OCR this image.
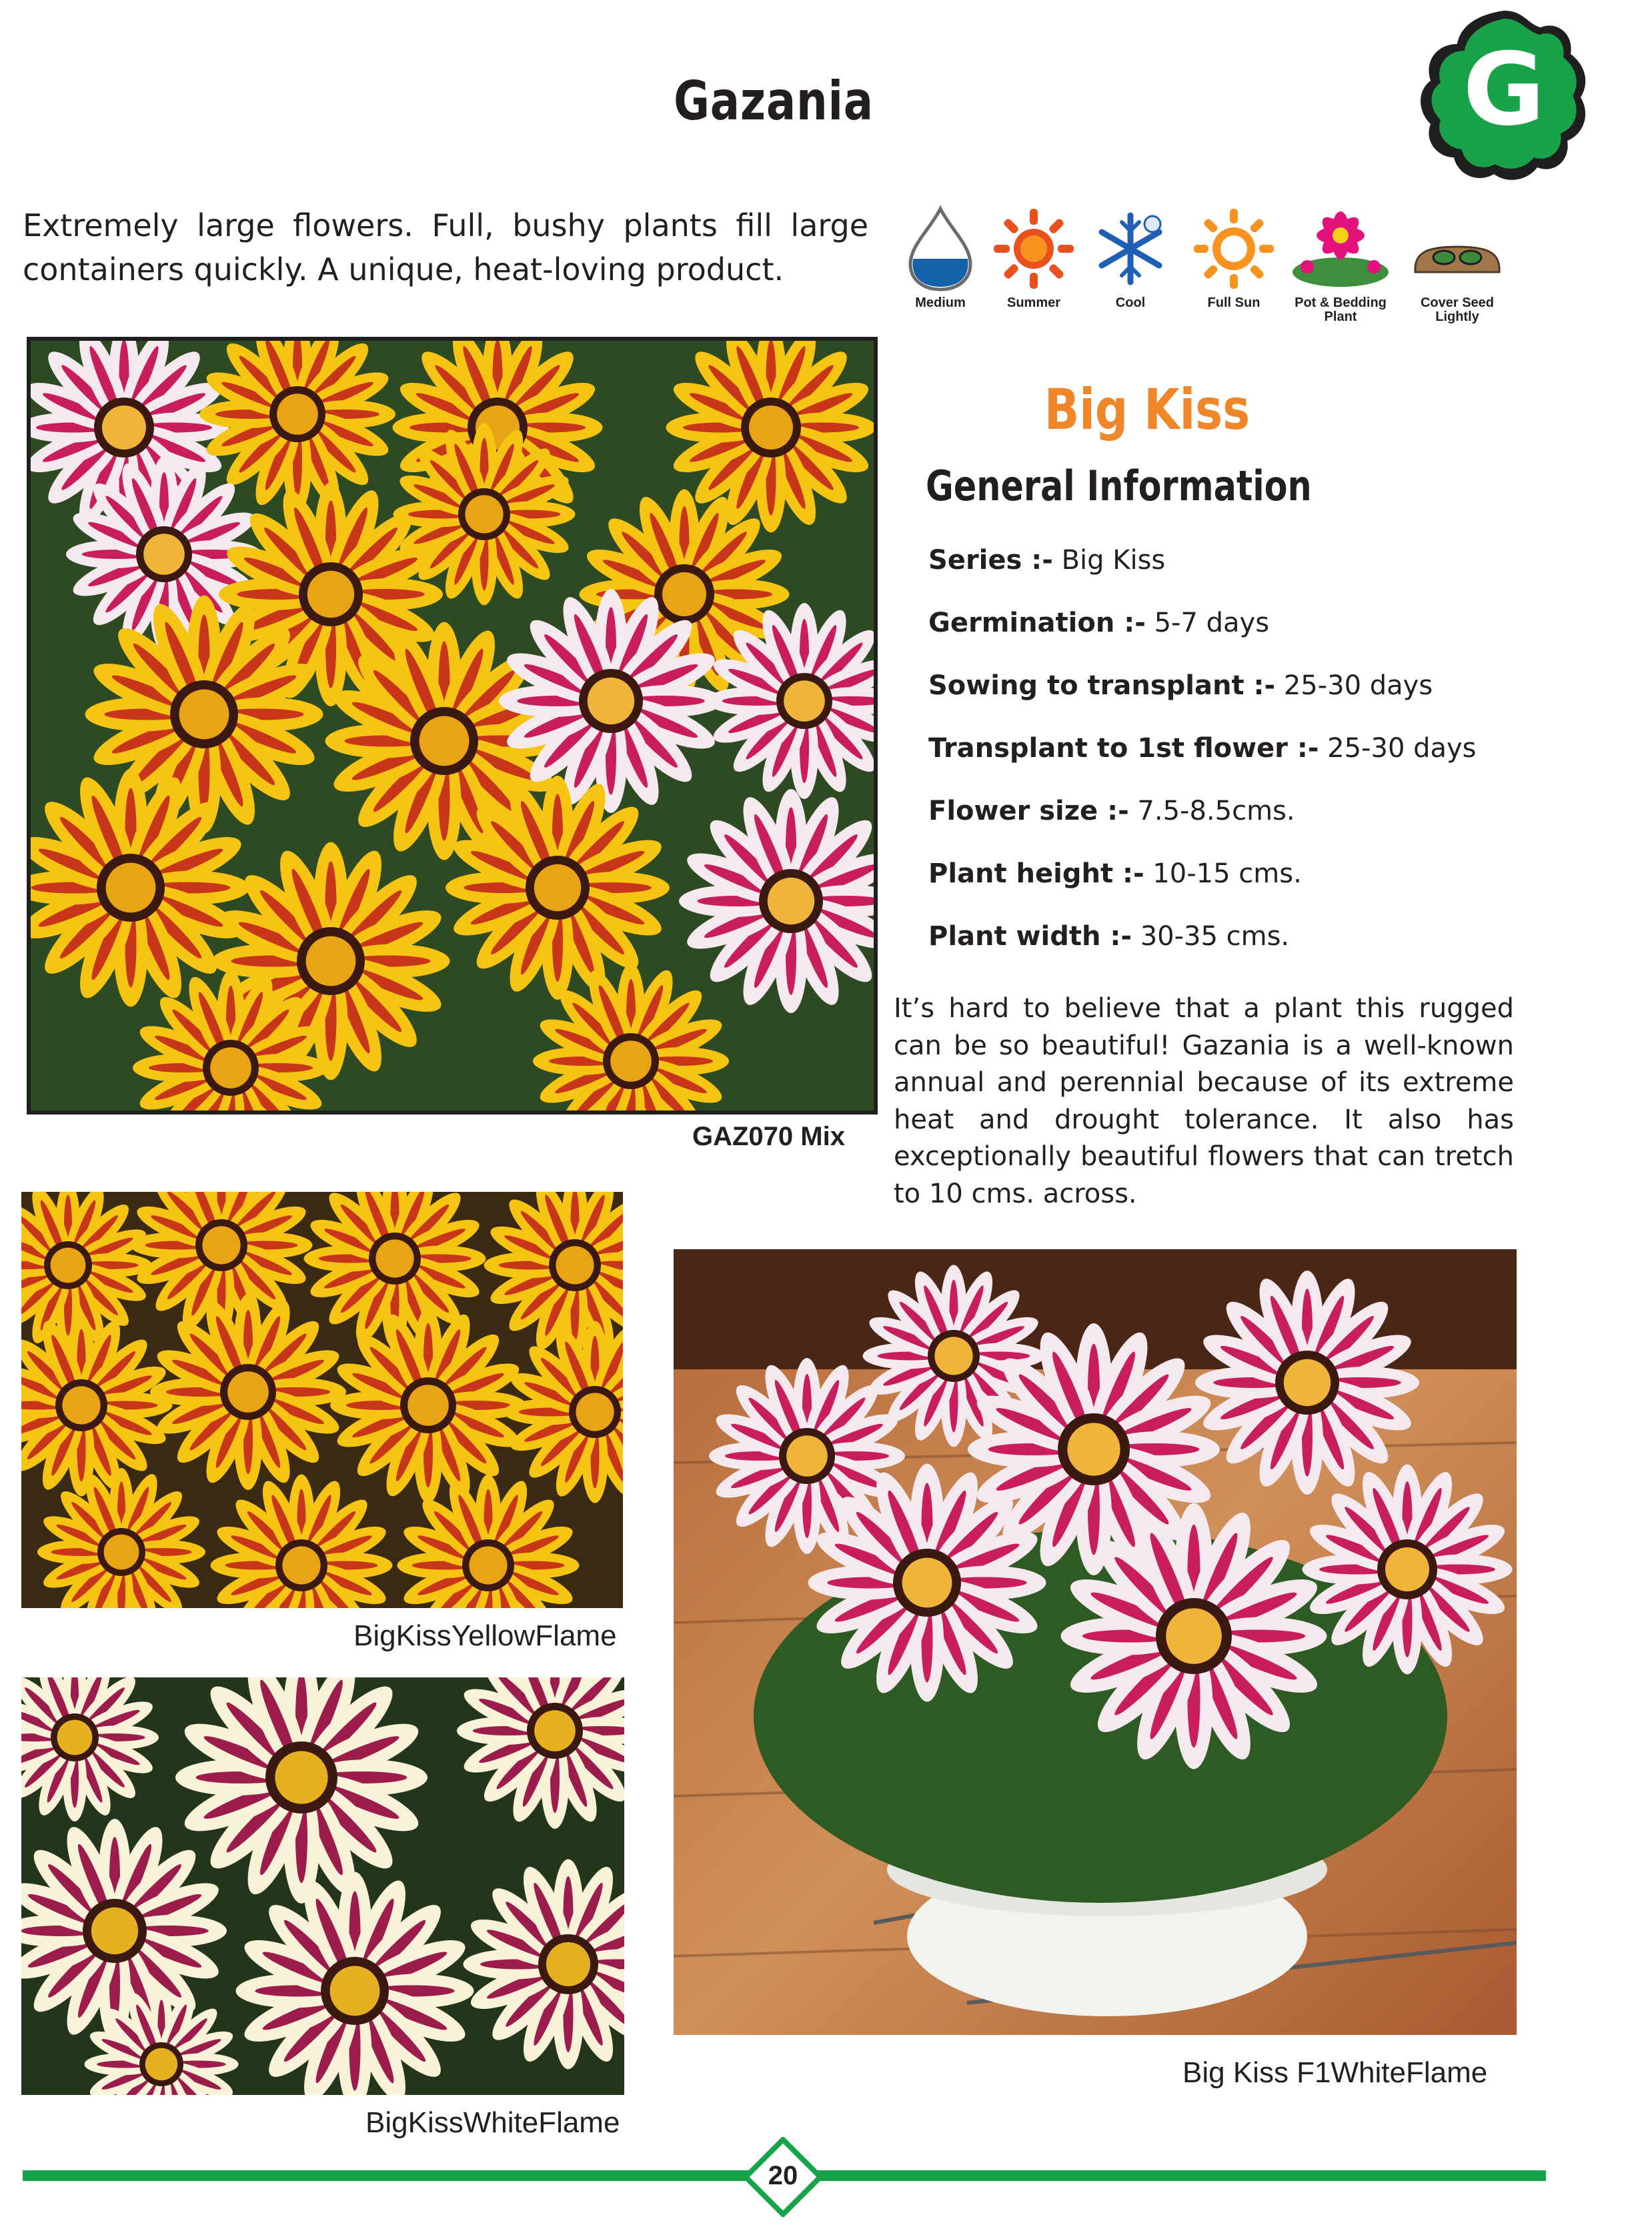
Gazania	G

Extremely large flowers. Full, bushy plants fill large containers quickly. A unique, heat-loving product.

Medium	Summer	Cool	Full Sun	Pot & Bedding Plant
Cover Seed Lightly
GAZ070 Mix
Big Kiss
General Information
Series :- Big Kiss
Germination :- 5-7 days
Sowing to transplant :- 25-30 days
Transplant to 1st flower :- 25-30 days
Flower size :- 7.5-8.5cms.
Plant height :- 10-15 cms.
Plant width :- 30-35 cms.

It’s hard to believe that a plant this rugged can be so beautiful! Gazania is a well-known annual and perennial because of its extreme heat and drought tolerance. It also has exceptionally beautiful flowers that can tretch to 10 cms. across.

BigKissYellowFlame
BigKissWhiteFlame
Big Kiss F1WhiteFlame
20
